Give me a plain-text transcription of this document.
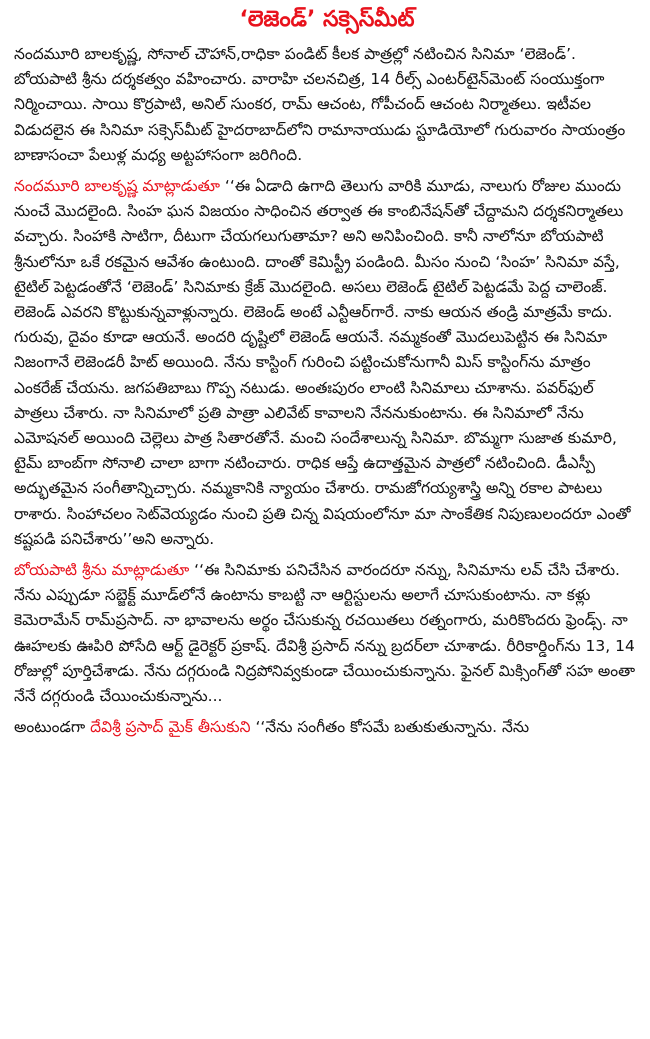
‘లెజెండ్‌’ సక్సెస్‌మీట్‌

నందమూరి బాలకృష్ణ, సోనాల్‌ చౌహాన్‌,రాధికా పండిట్‌ కీలక పాత్రల్లో నటించిన సినిమా ‘లెజెండ్‌’. బోయపాటి శ్రీను దర్శకత్వం వహించారు. వారాహి చలనచిత్ర, 14 రీల్స్‌ ఎంటర్‌టైన్‌మెంట్‌ సంయుక్తంగా నిర్మించాయి. సాయి కొర్రపాటి, అనిల్‌ సుంకర, రామ్‌ ఆచంట, గోపీచంద్‌ ఆచంట నిర్మాతలు. ఇటీవల విడుదలైన ఈ సినిమా సక్సెస్‌మీట్‌ హైదరాబాద్‌లోని రామానాయుడు స్టూడియోలో గురువారం సాయంత్రం బాణాసంచా పేలుళ్ల మధ్య అట్టహాసంగా జరిగింది.

నందమూరి బాలకృష్ణ మాట్లాడుతూ ‘‘ఈ ఏడాది ఉగాది తెలుగు వారికి మూడు, నాలుగు రోజుల ముందు నుంచే మొదలైంది. సింహ ఘన విజయం సాధించిన తర్వాత ఈ కాంబినేషన్‌తో చేద్దామని దర్శకనిర్మాతలు వచ్చారు. సింహాకి సాటిగా, దీటుగా చేయగలుగుతామా? అని అనిపించింది. కానీ నాలోనూ బోయపాటి శ్రీనులోనూ ఒకే రకమైన ఆవేశం ఉంటుంది. దాంతో కెమిస్ట్రీ పండింది. మీసం నుంచి ‘సింహ’ సినిమా వస్తే, టైటిల్‌ పెట్టడంతోనే ‘లెజెండ్‌’ సినిమాకు క్రేజ్‌ మొదలైంది. అసలు లెజెండ్‌ టైటిల్‌ పెట్టడమే పెద్ద చాలెంజ్‌. లెజెండ్‌ ఎవరని కొట్టుకున్నవాళ్లున్నారు. లెజెండ్‌ అంటే ఎన్టీఆర్‌గారే. నాకు ఆయన తండ్రి మాత్రమే కాదు. గురువు, దైవం కూడా ఆయనే. అందరి దృష్టిలో లెజెండ్‌ ఆయనే. నమ్మకంతో మొదలుపెట్టిన ఈ సినిమా నిజంగానే లెజెండరీ హిట్‌ అయింది. నేను కాస్టింగ్‌ గురించి పట్టించుకోనుగానీ మిస్‌ కాస్టింగ్‌ను మాత్రం ఎంకరేజ్‌ చేయను. జగపతిబాబు గొప్ప నటుడు. అంతఃపురం లాంటి సినిమాలు చూశాను. పవర్‌ఫుల్‌ పాత్రలు చేశారు. నా సినిమాలో ప్రతి పాత్రా ఎలివేట్‌ కావాలని నేననుకుంటాను. ఈ సినిమాలో నేను ఎమోషనల్‌ అయింది చెల్లెలు పాత్ర సితారతోనే. మంచి సందేశాలున్న సినిమా. బొమ్మగా సుజాత కుమారి, టైమ్‌ బాంబ్‌గా సోనాలి చాలా బాగా నటించారు. రాధిక ఆప్తే ఉదాత్తమైన పాత్రలో నటించింది. డీఎస్పీ అద్భుతమైన సంగీతాన్నిచ్చారు. నమ్మకానికి న్యాయం చేశారు. రామజోగయ్యశాస్త్రి అన్ని రకాల పాటలు రాశారు. సింహాచలం సెట్‌వెయ్యడం నుంచి ప్రతి చిన్న విషయంలోనూ మా సాంకేతిక నిపుణులందరూ ఎంతో కష్టపడి పనిచేశారు’’అని అన్నారు.

బోయపాటి శ్రీను మాట్లాడుతూ ‘‘ఈ సినిమాకు పనిచేసిన వారందరూ నన్ను, సినిమాను లవ్‌ చేసి చేశారు. నేను ఎప్పుడూ సబ్జెక్ట్‌ మూడ్‌లోనే ఉంటాను కాబట్టి నా ఆర్టిస్టులను అలాగే చూసుకుంటాను. నా కళ్లు కెమెరామేన్‌ రామ్‌ప్రసాద్‌. నా భావాలను అర్థం చేసుకున్న రచయితలు రత్నంగారు, మరికొందరు ఫ్రెండ్స్‌. నా ఊహలకు ఊపిరి పోసేది ఆర్ట్‌ డైరెక్టర్‌ ప్రకాష్‌. దేవిశ్రీ ప్రసాద్‌ నన్ను బ్రదర్‌లా చూశాడు. రీరికార్డింగ్‌ను 13, 14 రోజుల్లో పూర్తిచేశాడు. నేను దగ్గరుండి నిద్రపోనివ్వకుండా చేయించుకున్నాను. ఫైనల్‌ మిక్సింగ్‌తో సహ అంతా నేనే దగ్గరుండి చేయించుకున్నాను...

అంటుండగా దేవిశ్రీ ప్రసాద్‌ మైక్‌ తీసుకుని ‘‘నేను సంగీతం కోసమే బతుకుతున్నాను. నేను
